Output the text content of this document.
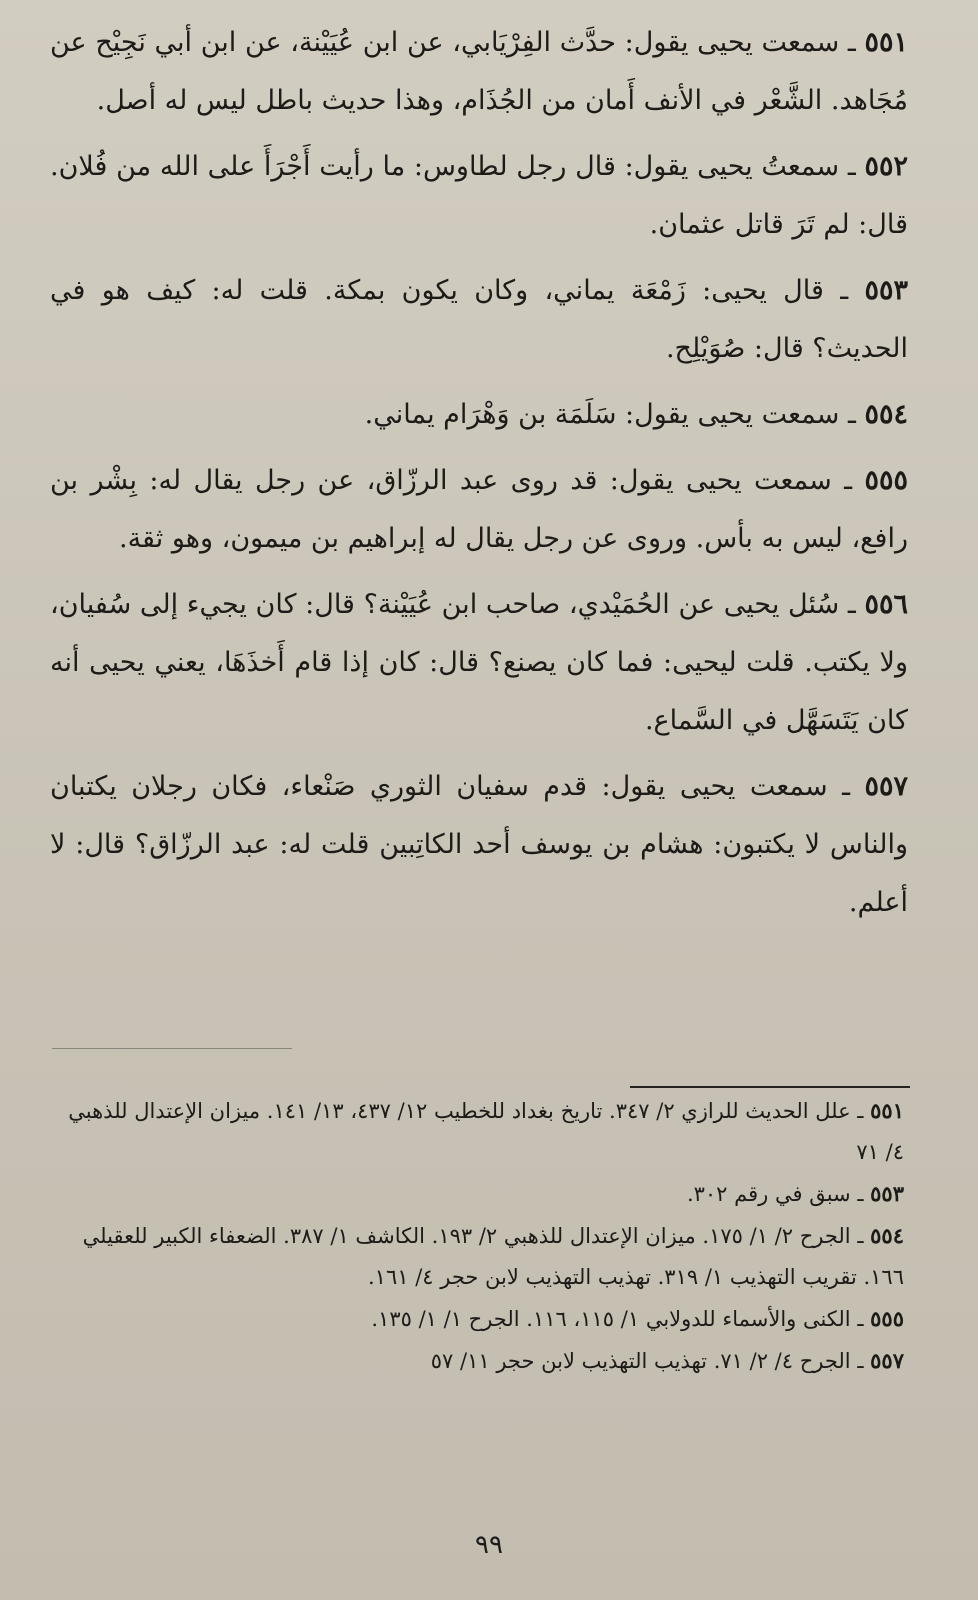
٥٥١ ـ سمعت يحيى يقول: حدَّث الفِرْيَابي، عن ابن عُيَيْنة، عن ابن أبي نَجِيْح عن مُجَاهد. الشَّعْر في الأنف أَمان من الجُذَام، وهذا حديث باطل ليس له أصل.

٥٥٢ ـ سمعتُ يحيى يقول: قال رجل لطاوس: ما رأيت أَجْرَأَ على الله من فُلان. قال: لم تَرَ قاتل عثمان.

٥٥٣ ـ قال يحيى: زَمْعَة يماني، وكان يكون بمكة. قلت له: كيف هو في الحديث؟ قال: صُوَيْلِح.

٥٥٤ ـ سمعت يحيى يقول: سَلَمَة بن وَهْرَام يماني.

٥٥٥ ـ سمعت يحيى يقول: قد روى عبد الرزّاق، عن رجل يقال له: بِشْر بن رافع، ليس به بأس. وروى عن رجل يقال له إبراهيم بن ميمون، وهو ثقة.

٥٥٦ ـ سُئل يحيى عن الحُمَيْدي، صاحب ابن عُيَيْنة؟ قال: كان يجيء إلى سُفيان، ولا يكتب. قلت ليحيى: فما كان يصنع؟ قال: كان إذا قام أَخذَهَا، يعني يحيى أنه كان يَتَسَهَّل في السَّماع.

٥٥٧ ـ سمعت يحيى يقول: قدم سفيان الثوري صَنْعاء، فكان رجلان يكتبان والناس لا يكتبون: هشام بن يوسف أحد الكاتِبين قلت له: عبد الرزّاق؟ قال: لا أعلم.

٥٥١ ـ علل الحديث للرازي ٢/ ٣٤٧. تاريخ بغداد للخطيب ١٢/ ٤٣٧، ١٣/ ١٤١. ميزان الإعتدال للذهبي ٤/ ٧١

٥٥٣ ـ سبق في رقم ٣٠٢.

٥٥٤ ـ الجرح ٢/ ١/ ١٧٥. ميزان الإعتدال للذهبي ٢/ ١٩٣. الكاشف ١/ ٣٨٧. الضعفاء الكبير للعقيلي ١٦٦. تقريب التهذيب ١/ ٣١٩. تهذيب التهذيب لابن حجر ٤/ ١٦١.

٥٥٥ ـ الكنى والأسماء للدولابي ١/ ١١٥، ١١٦. الجرح ١/ ١/ ١٣٥.

٥٥٧ ـ الجرح ٤/ ٢/ ٧١. تهذيب التهذيب لابن حجر ١١/ ٥٧

٩٩
